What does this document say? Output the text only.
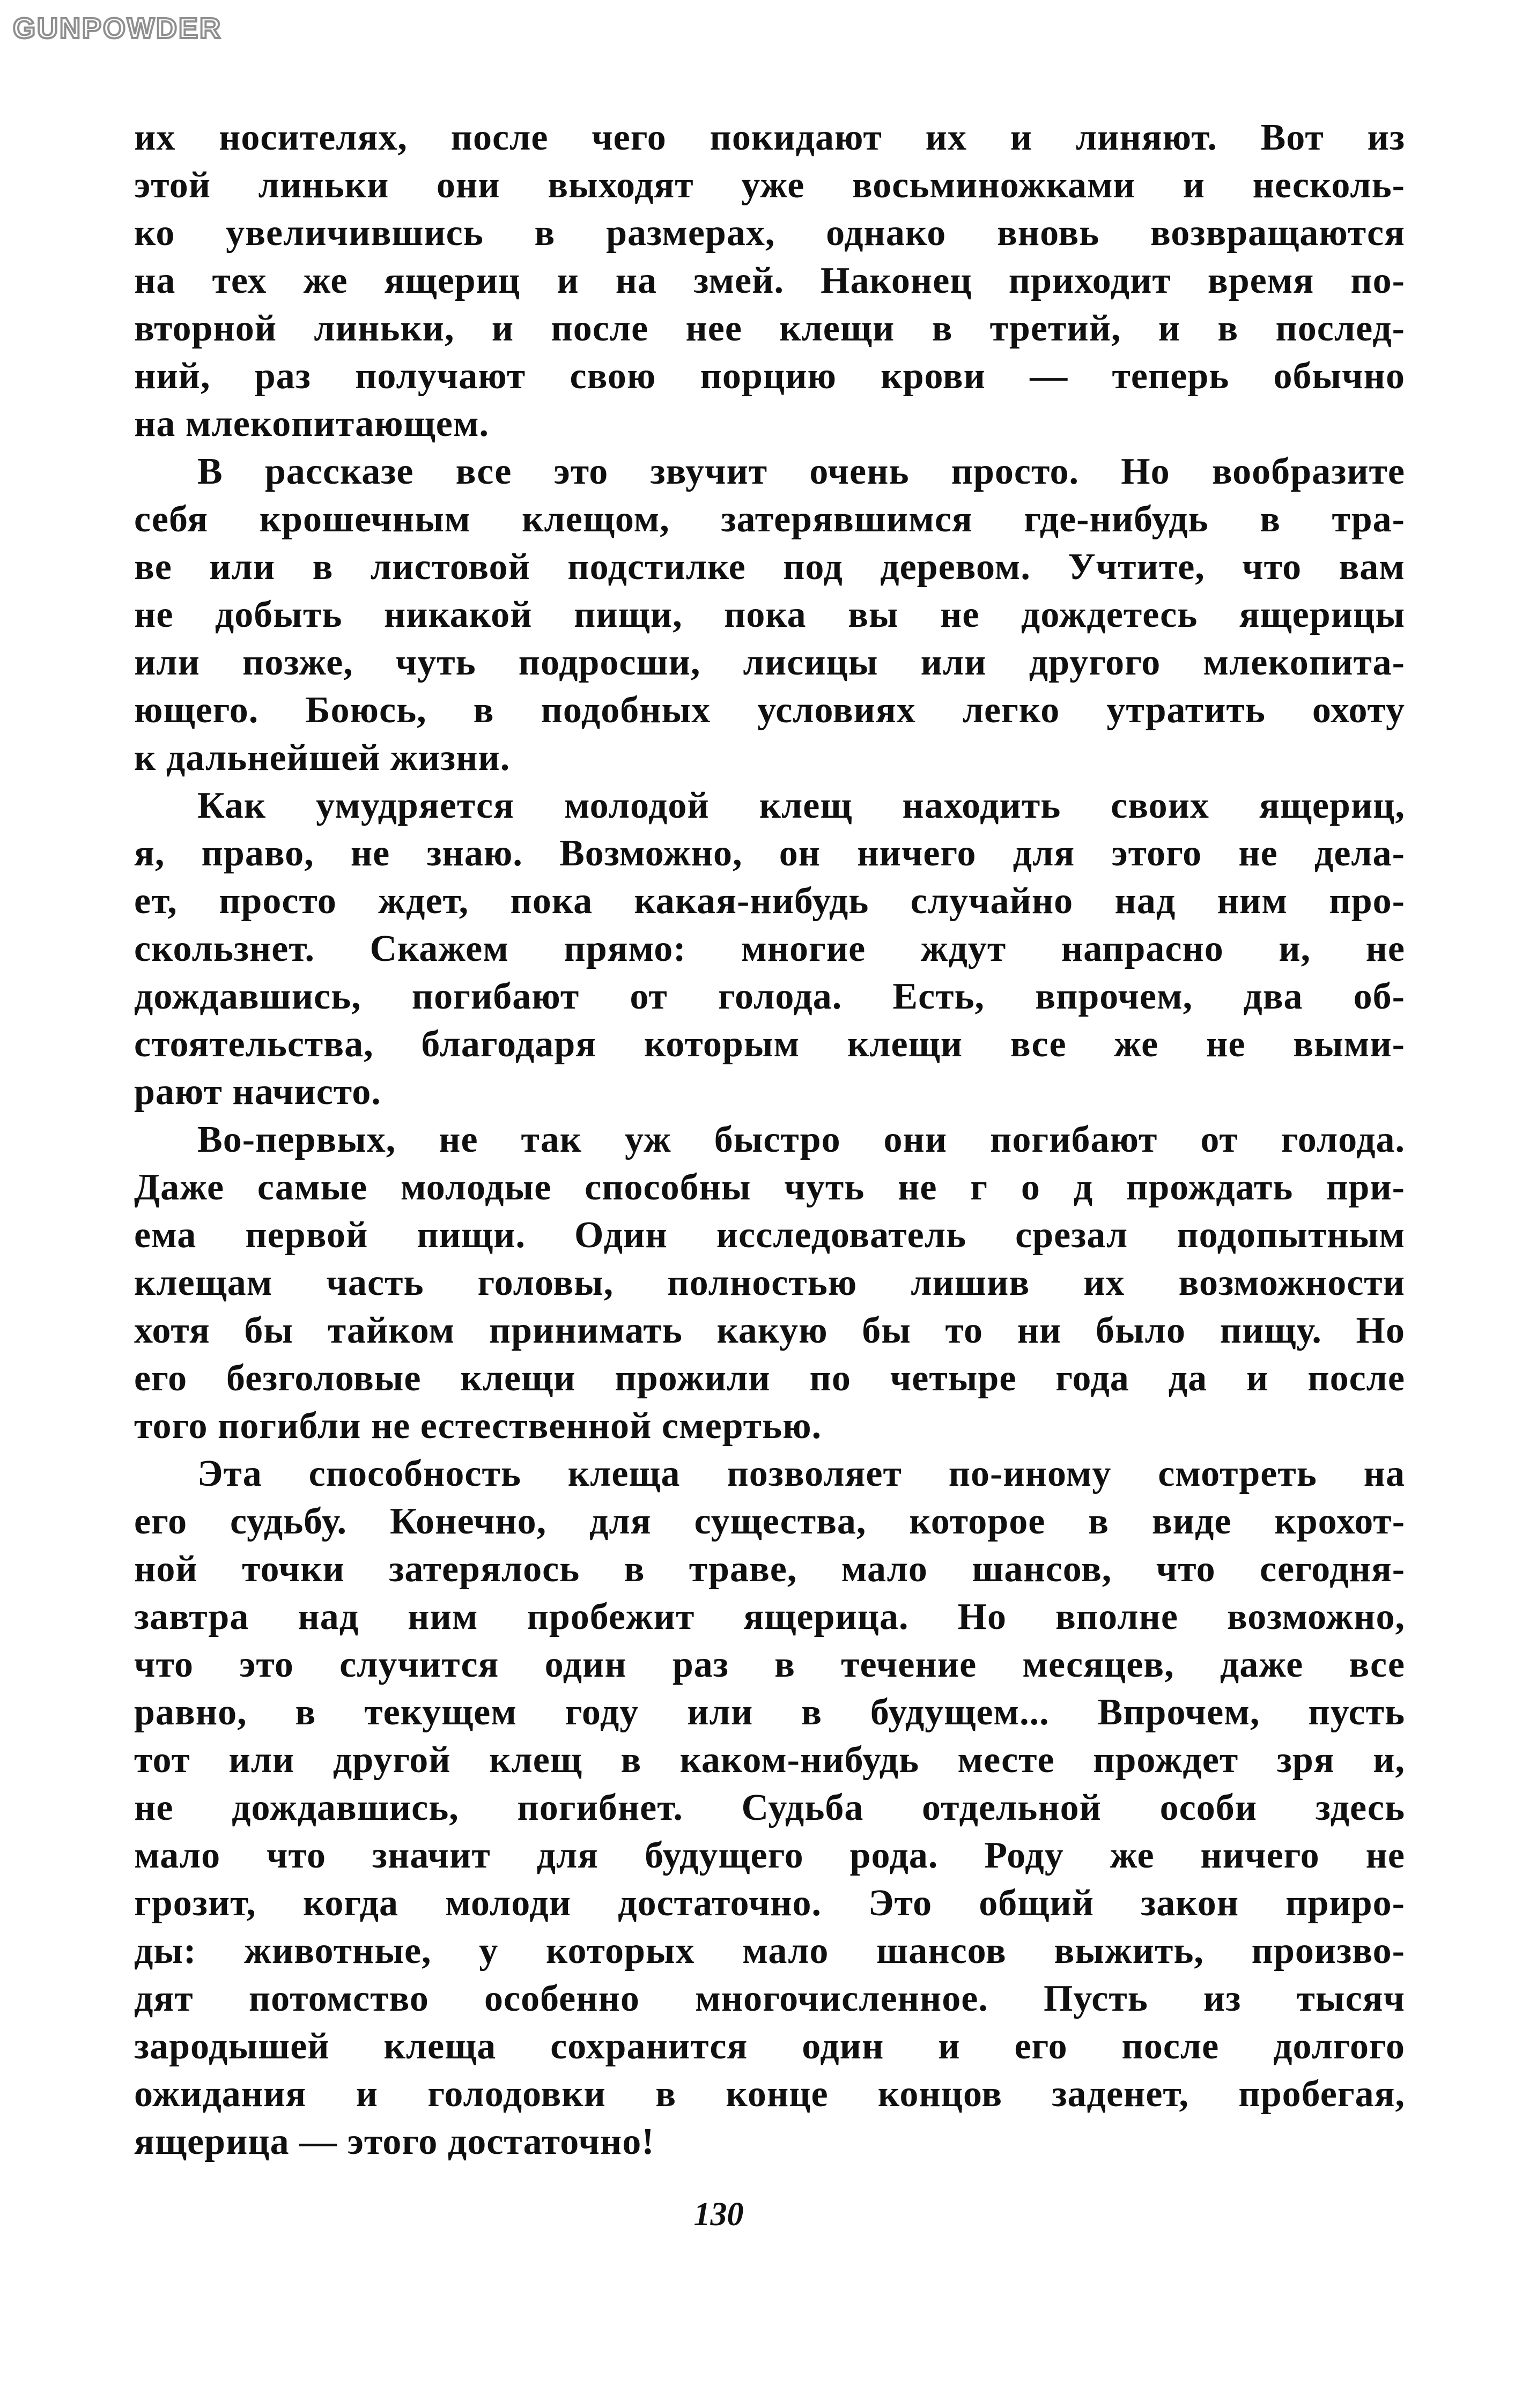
GUNPOWDER
их носителях, после чего покидают их и линяют. Вот из
этой линьки они выходят уже восьминожками и несколь-
ко увеличившись в размерах, однако вновь возвращаются
на тех же ящериц и на змей. Наконец приходит время по-
вторной линьки, и после нее клещи в третий, и в послед-
ний, раз получают свою порцию крови — теперь обычно
на млекопитающем.
В рассказе все это звучит очень просто. Но вообразите
себя крошечным клещом, затерявшимся где-нибудь в тра-
ве или в листовой подстилке под деревом. Учтите, что вам
не добыть никакой пищи, пока вы не дождетесь ящерицы
или позже, чуть подросши, лисицы или другого млекопита-
ющего. Боюсь, в подобных условиях легко утратить охоту
к дальнейшей жизни.
Как умудряется молодой клещ находить своих ящериц,
я, право, не знаю. Возможно, он ничего для этого не дела-
ет, просто ждет, пока какая-нибудь случайно над ним про-
скользнет. Скажем прямо: многие ждут напрасно и, не
дождавшись, погибают от голода. Есть, впрочем, два об-
стоятельства, благодаря которым клещи все же не выми-
рают начисто.
Во-первых, не так уж быстро они погибают от голода.
Даже самые молодые способны чуть не г о д прождать при-
ема первой пищи. Один исследователь срезал подопытным
клещам часть головы, полностью лишив их возможности
хотя бы тайком принимать какую бы то ни было пищу. Но
его безголовые клещи прожили по четыре года да и после
того погибли не естественной смертью.
Эта способность клеща позволяет по-иному смотреть на
его судьбу. Конечно, для существа, которое в виде крохот-
ной точки затерялось в траве, мало шансов, что сегодня-
завтра над ним пробежит ящерица. Но вполне возможно,
что это случится один раз в течение месяцев, даже все
равно, в текущем году или в будущем... Впрочем, пусть
тот или другой клещ в каком-нибудь месте прождет зря и,
не дождавшись, погибнет. Судьба отдельной особи здесь
мало что значит для будущего рода. Роду же ничего не
грозит, когда молоди достаточно. Это общий закон приро-
ды: животные, у которых мало шансов выжить, произво-
дят потомство особенно многочисленное. Пусть из тысяч
зародышей клеща сохранится один и его после долгого
ожидания и голодовки в конце концов заденет, пробегая,
ящерица — этого достаточно!
130
